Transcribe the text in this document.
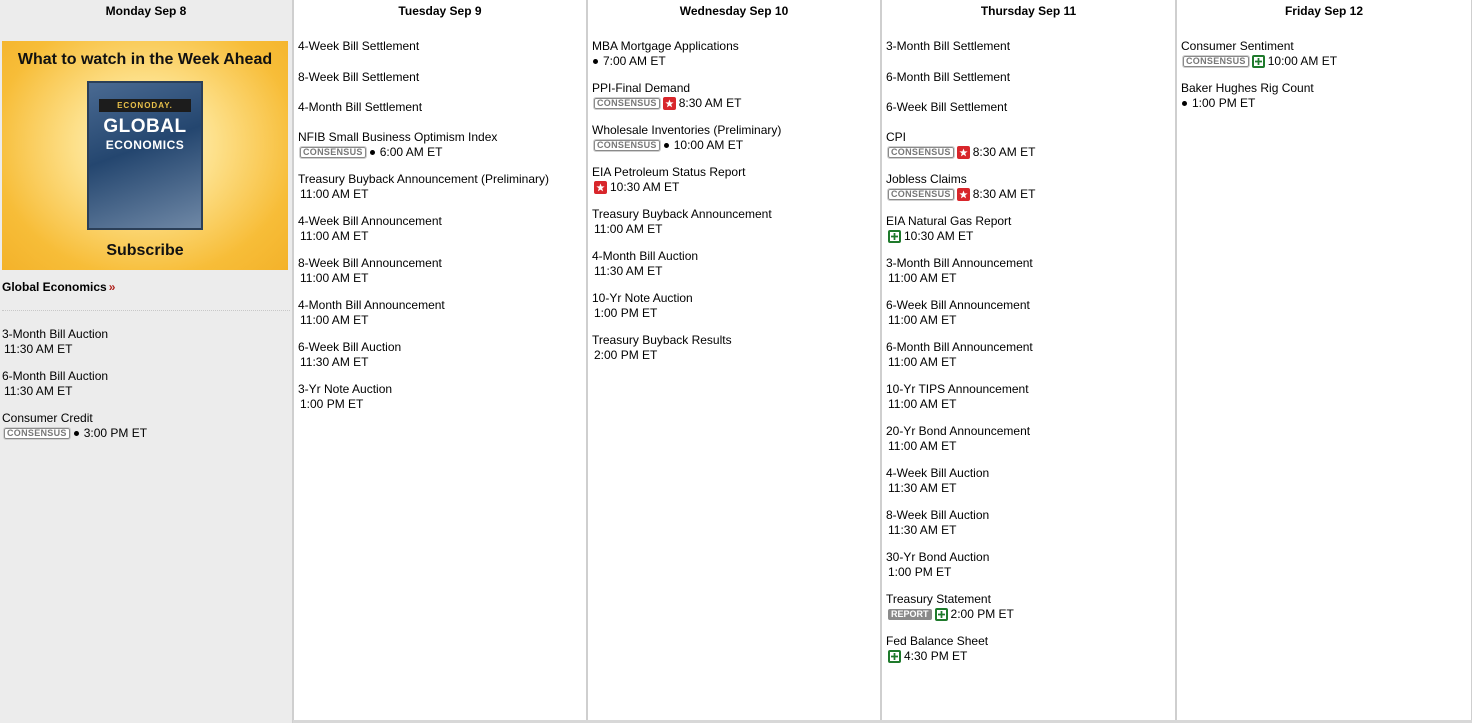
Monday Sep 8
What to watch in the Week Ahead
ECONODAY.
GLOBAL
ECONOMICS
Subscribe
Global Economics »
3-Month Bill Auction
11:30 AM ET
6-Month Bill Auction
11:30 AM ET
Consumer Credit
CONSENSUS 3:00 PM ET
Tuesday Sep 9
4-Week Bill Settlement
8-Week Bill Settlement
4-Month Bill Settlement
NFIB Small Business Optimism Index
CONSENSUS 6:00 AM ET
Treasury Buyback Announcement (Preliminary)
11:00 AM ET
4-Week Bill Announcement
11:00 AM ET
8-Week Bill Announcement
11:00 AM ET
4-Month Bill Announcement
11:00 AM ET
6-Week Bill Auction
11:30 AM ET
3-Yr Note Auction
1:00 PM ET
Wednesday Sep 10
MBA Mortgage Applications
7:00 AM ET
PPI-Final Demand
CONSENSUS 8:30 AM ET
Wholesale Inventories (Preliminary)
CONSENSUS 10:00 AM ET
EIA Petroleum Status Report
10:30 AM ET
Treasury Buyback Announcement
11:00 AM ET
4-Month Bill Auction
11:30 AM ET
10-Yr Note Auction
1:00 PM ET
Treasury Buyback Results
2:00 PM ET
Thursday Sep 11
3-Month Bill Settlement
6-Month Bill Settlement
6-Week Bill Settlement
CPI
CONSENSUS 8:30 AM ET
Jobless Claims
CONSENSUS 8:30 AM ET
EIA Natural Gas Report
10:30 AM ET
3-Month Bill Announcement
11:00 AM ET
6-Week Bill Announcement
11:00 AM ET
6-Month Bill Announcement
11:00 AM ET
10-Yr TIPS Announcement
11:00 AM ET
20-Yr Bond Announcement
11:00 AM ET
4-Week Bill Auction
11:30 AM ET
8-Week Bill Auction
11:30 AM ET
30-Yr Bond Auction
1:00 PM ET
Treasury Statement
REPORT 2:00 PM ET
Fed Balance Sheet
4:30 PM ET
Friday Sep 12
Consumer Sentiment
CONSENSUS 10:00 AM ET
Baker Hughes Rig Count
1:00 PM ET
